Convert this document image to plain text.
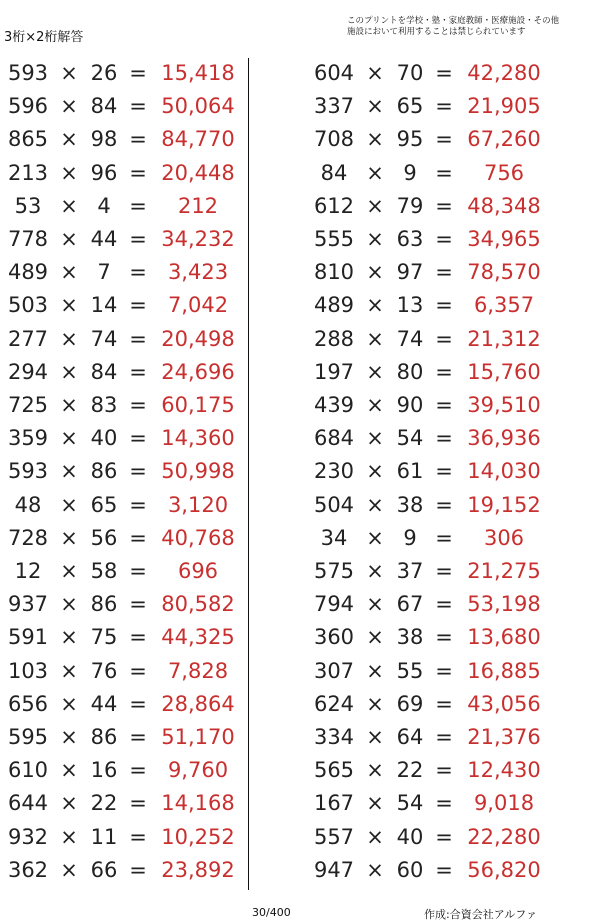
3桁×2桁解答
このプリントを学校・塾・家庭教師・医療施設・その他
施設において利用することは禁じられています
593 × 26 = 15,418
596 × 84 = 50,064
865 × 98 = 84,770
213 × 96 = 20,448
53 × 4 =	212
778 × 44 = 34,232
489 × 7 =	3,423
503 × 14 =	7,042
277 × 74 = 20,498
294 × 84 = 24,696
725 × 83 = 60,175
359 × 40 = 14,360
593 × 86 = 50,998
48 × 65 =	3,120
728 × 56 = 40,768
12 × 58 =	696
937 × 86 = 80,582
591 × 75 = 44,325
103 × 76 =	7,828
656 × 44 = 28,864
595 × 86 = 51,170
610 × 16 =	9,760
644 × 22 = 14,168
932 × 11 = 10,252
362 × 66 = 23,892
604 × 70 = 42,280
337 × 65 = 21,905
708 × 95 = 67,260
84 × 9 =	756
612 × 79 = 48,348
555 × 63 = 34,965
810 × 97 = 78,570
489 × 13 =	6,357
288 × 74 = 21,312
197 × 80 = 15,760
439 × 90 = 39,510
684 × 54 = 36,936
230 × 61 = 14,030
504 × 38 = 19,152
34 × 9 =	306
575 × 37 = 21,275
794 × 67 = 53,198
360 × 38 = 13,680
307 × 55 = 16,885
624 × 69 = 43,056
334 × 64 = 21,376
565 × 22 = 12,430
167 × 54 =	9,018
557 × 40 = 22,280
947 × 60 = 56,820
30/400	作成:合資会社アルファ
